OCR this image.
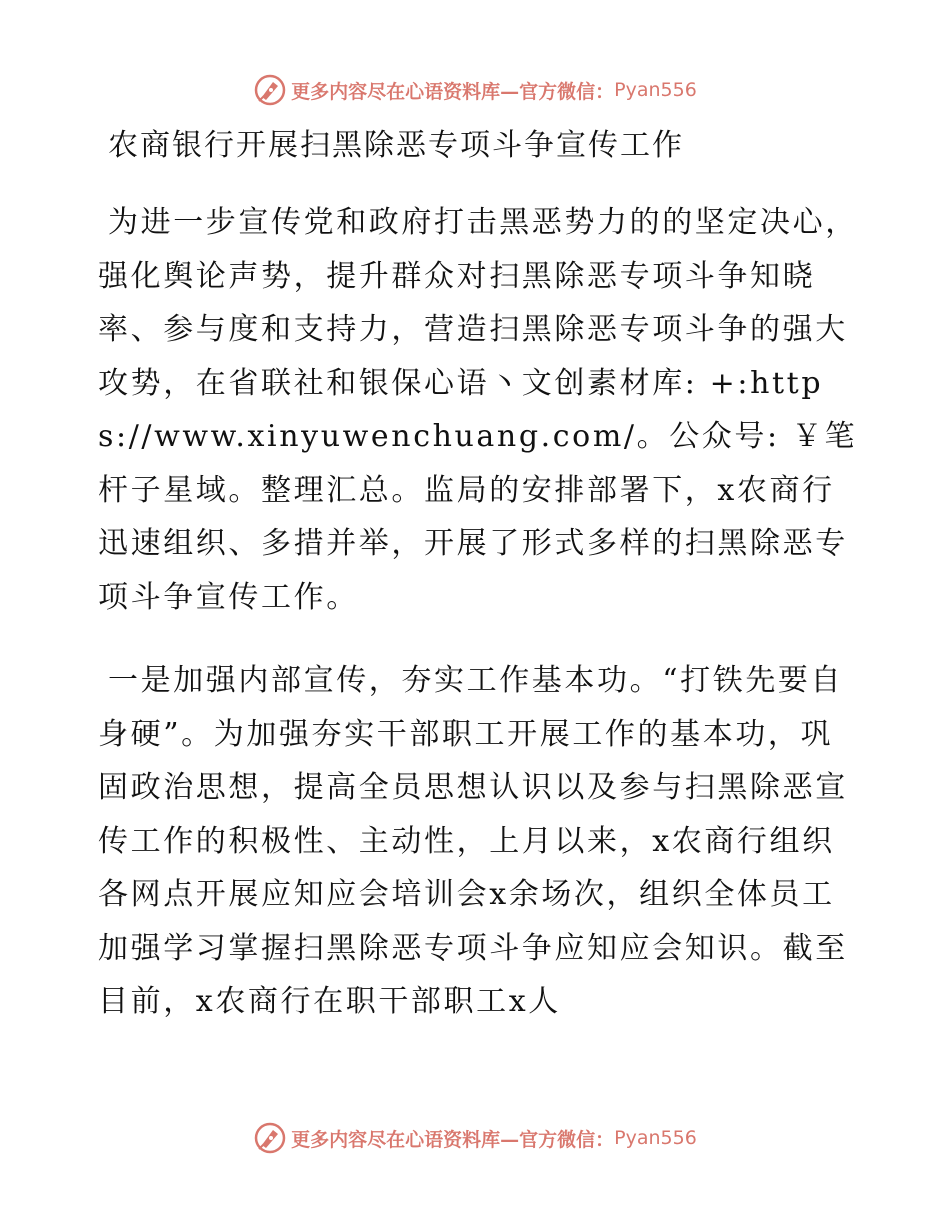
更多内容尽在心语资料库—官方微信： Pyan556
农商银行开展扫黑除恶专项斗争宣传工作

为进一步宣传党和政府打击黑恶势力的的坚定决心，强化舆论声势，提升群众对扫黑除恶专项斗争知晓率、参与度和支持力，营造扫黑除恶专项斗争的强大攻势，在省联社和银保心语丶文创素材库: +:https://www.xinyuwenchuang.com/。公众号: ￥笔杆子星域。整理汇总。监局的安排部署下，x农商行迅速组织、多措并举，开展了形式多样的扫黑除恶专项斗争宣传工作。

一是加强内部宣传，夯实工作基本功。“打铁先要自身硬”。为加强夯实干部职工开展工作的基本功，巩固政治思想，提高全员思想认识以及参与扫黑除恶宣传工作的积极性、主动性，上月以来，x农商行组织各网点开展应知应会培训会x余场次，组织全体员工加强学习掌握扫黑除恶专项斗争应知应会知识。截至目前，x农商行在职干部职工x人

更多内容尽在心语资料库—官方微信： Pyan556
